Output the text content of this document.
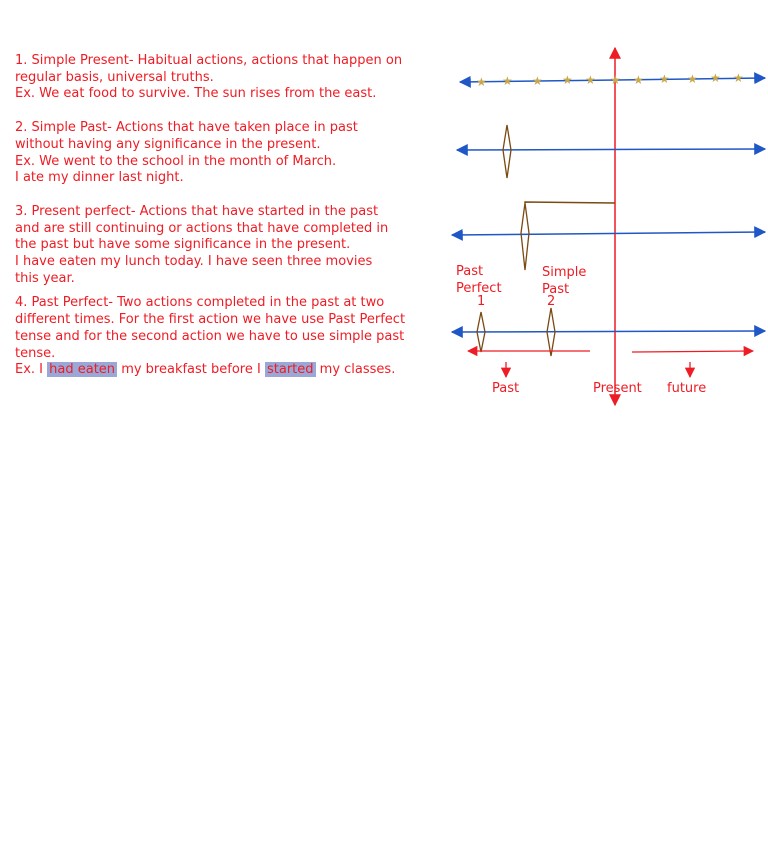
1. Simple Present- Habitual actions, actions that happen on
regular basis, universal truths.
Ex. We eat food to survive. The sun rises from the east.
2. Simple Past- Actions that have taken place in past
without having any significance in the present.
Ex. We went to the school in the month of March.
I ate my dinner last night.
3. Present perfect- Actions that have started in the past
and are still continuing or actions that have completed in
the past but have some significance in the present.
I have eaten my lunch today. I have seen three movies
this year.
4. Past Perfect- Two actions completed in the past at two
different times. For the first action we have use Past Perfect
tense and for the second action we have to use simple past
tense.
Ex. I had eaten my breakfast before I started my classes.
★ ★ ★ ★ ★ ★ ★ ★ ★ ★ ★
Past
Perfect
1
Simple
Past
2
Past	Present future
